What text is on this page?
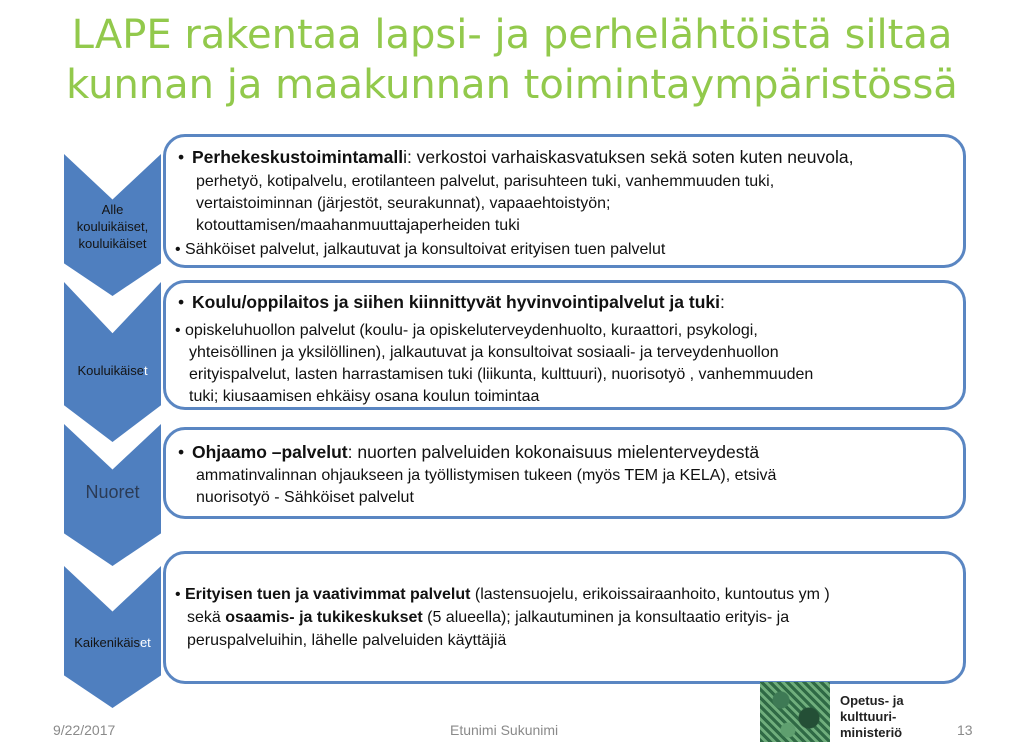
LAPE rakentaa lapsi- ja perhelähtöistä siltaa
kunnan ja maakunnan toimintaympäristössä
Alle
kouluikäiset,
kouluikäiset
Kouluikäiset
Nuoret
Kaikenikäiset
• Perhekeskustoimintamalli: verkostoi varhaiskasvatuksen sekä soten kuten neuvola,
perhetyö, kotipalvelu, erotilanteen palvelut, parisuhteen tuki, vanhemmuuden tuki,
vertaistoiminnan (järjestöt, seurakunnat), vapaaehtoistyön;
kotouttamisen/maahanmuuttajaperheiden tuki
• Sähköiset palvelut, jalkautuvat ja konsultoivat erityisen tuen palvelut
• Koulu/oppilaitos ja siihen kiinnittyvät hyvinvointipalvelut ja tuki:
• opiskeluhuollon palvelut (koulu- ja opiskeluterveydenhuolto, kuraattori, psykologi,
yhteisöllinen ja yksilöllinen), jalkautuvat ja konsultoivat sosiaali- ja terveydenhuollon
erityispalvelut, lasten harrastamisen tuki (liikunta, kulttuuri), nuorisotyö , vanhemmuuden
tuki; kiusaamisen ehkäisy osana koulun toimintaa
• Ohjaamo –palvelut: nuorten palveluiden kokonaisuus mielenterveydestä
ammatinvalinnan ohjaukseen ja työllistymisen tukeen (myös TEM ja KELA), etsivä
nuorisotyö - Sähköiset palvelut
• Erityisen tuen ja vaativimmat palvelut (lastensuojelu, erikoissairaanhoito, kuntoutus ym )
sekä osaamis- ja tukikeskukset (5 alueella); jalkautuminen ja konsultaatio erityis- ja
peruspalveluihin, lähelle palveluiden käyttäjiä
9/22/2017	Etunimi Sukunimi	13
Opetus- ja
kulttuuri-
ministeriö
